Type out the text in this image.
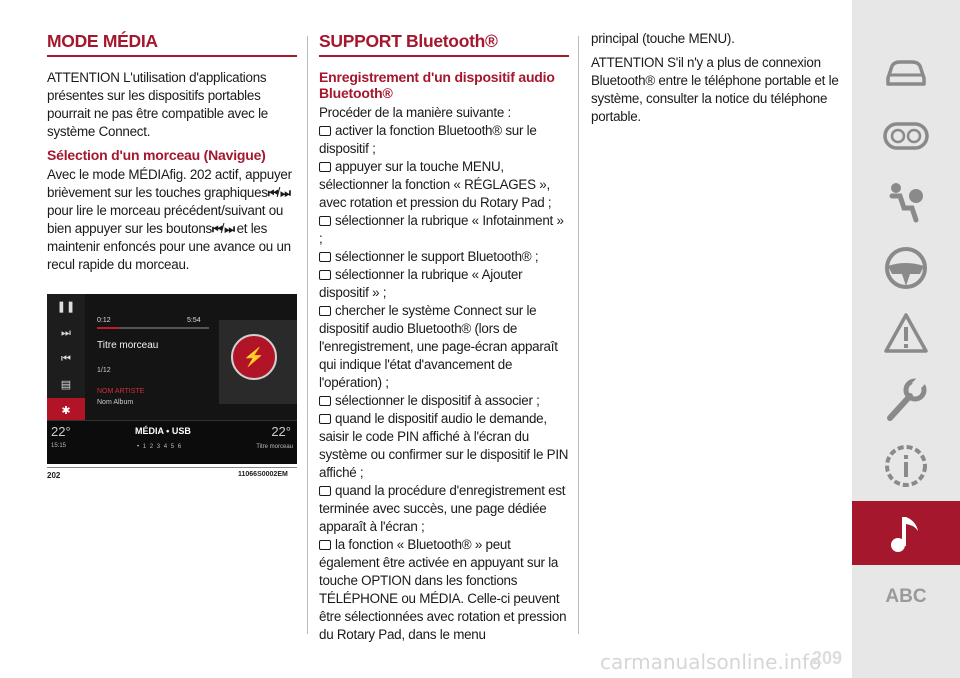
MODE MÉDIA

ATTENTION L'utilisation d'applications présentes sur les dispositifs portables pourrait ne pas être compatible avec le système Connect.

Sélection d'un morceau (Navigue)

Avec le mode MÉDIAfig. 202 actif, appuyer brièvement sur les touches graphiques⏮/⏭ pour lire le morceau précédent/suivant ou bien appuyer sur les boutons⏮/⏭ et les maintenir enfoncés pour une avance ou un recul rapide du morceau.

❚❚
⏭
⏮
▤
✱
0:12	5:54
Titre morceau
1/12
NOM ARTISTE
Nom Album
⚡
22°	MÉDIA • USB	22°
15:15	• 1 2 3 4 5 6	Titre morceau
202	11066S0002EM
SUPPORT Bluetooth®
Enregistrement d'un dispositif audio Bluetooth®

Procéder de la manière suivante :

activer la fonction Bluetooth® sur le dispositif ;
appuyer sur la touche MENU, sélectionner la fonction « RÉGLAGES », avec rotation et pression du Rotary Pad ;
sélectionner la rubrique « Infotainment » ;
sélectionner le support Bluetooth® ;
sélectionner la rubrique « Ajouter dispositif » ;
chercher le système Connect sur le dispositif audio Bluetooth® (lors de l'enregistrement, une page-écran apparaît qui indique l'état d'avancement de l'opération) ;
sélectionner le dispositif à associer ;
quand le dispositif audio le demande, saisir le code PIN affiché à l'écran du système ou confirmer sur le dispositif le PIN affiché ;
quand la procédure d'enregistrement est terminée avec succès, une page dédiée apparaît à l'écran ;
la fonction « Bluetooth® » peut également être activée en appuyant sur la touche OPTION dans les fonctions TÉLÉPHONE ou MÉDIA. Celle-ci peuvent être sélectionnées avec rotation et pression du Rotary Pad, dans le menu

principal (touche MENU).

ATTENTION S'il n'y a plus de connexion Bluetooth® entre le téléphone portable et le système, consulter la notice du téléphone portable.

ABC
carmanualsonline.info
209
